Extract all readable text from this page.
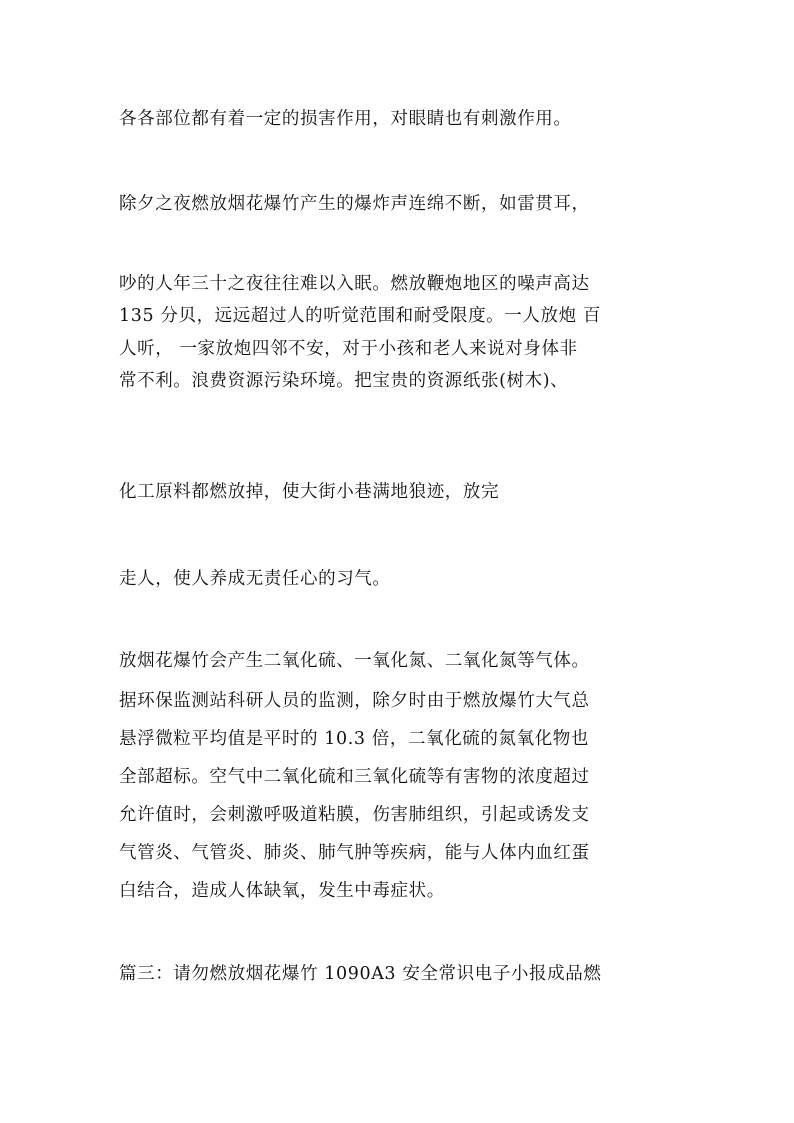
各各部位都有着一定的损害作用，对眼睛也有刺激作用。
除夕之夜燃放烟花爆竹产生的爆炸声连绵不断，如雷贯耳，
吵的人年三十之夜往往难以入眠。燃放鞭炮地区的噪声高达
135 分贝，远远超过人的听觉范围和耐受限度。一人放炮 百
人听， 一家放炮四邻不安，对于小孩和老人来说对身体非
常不利。浪费资源污染环境。把宝贵的资源纸张(树木)、
化工原料都燃放掉，使大街小巷满地狼迹，放完
走人，使人养成无责任心的习气。
放烟花爆竹会产生二氧化硫、一氧化氮、二氧化氮等气体。
据环保监测站科研人员的监测，除夕时由于燃放爆竹大气总
悬浮微粒平均值是平时的 10.3 倍，二氧化硫的氮氧化物也
全部超标。空气中二氧化硫和三氧化硫等有害物的浓度超过
允许值时，会刺激呼吸道粘膜，伤害肺组织，引起或诱发支
气管炎、气管炎、肺炎、肺气肿等疾病，能与人体内血红蛋
白结合，造成人体缺氧，发生中毒症状。
篇三：请勿燃放烟花爆竹 1090A3 安全常识电子小报成品燃
